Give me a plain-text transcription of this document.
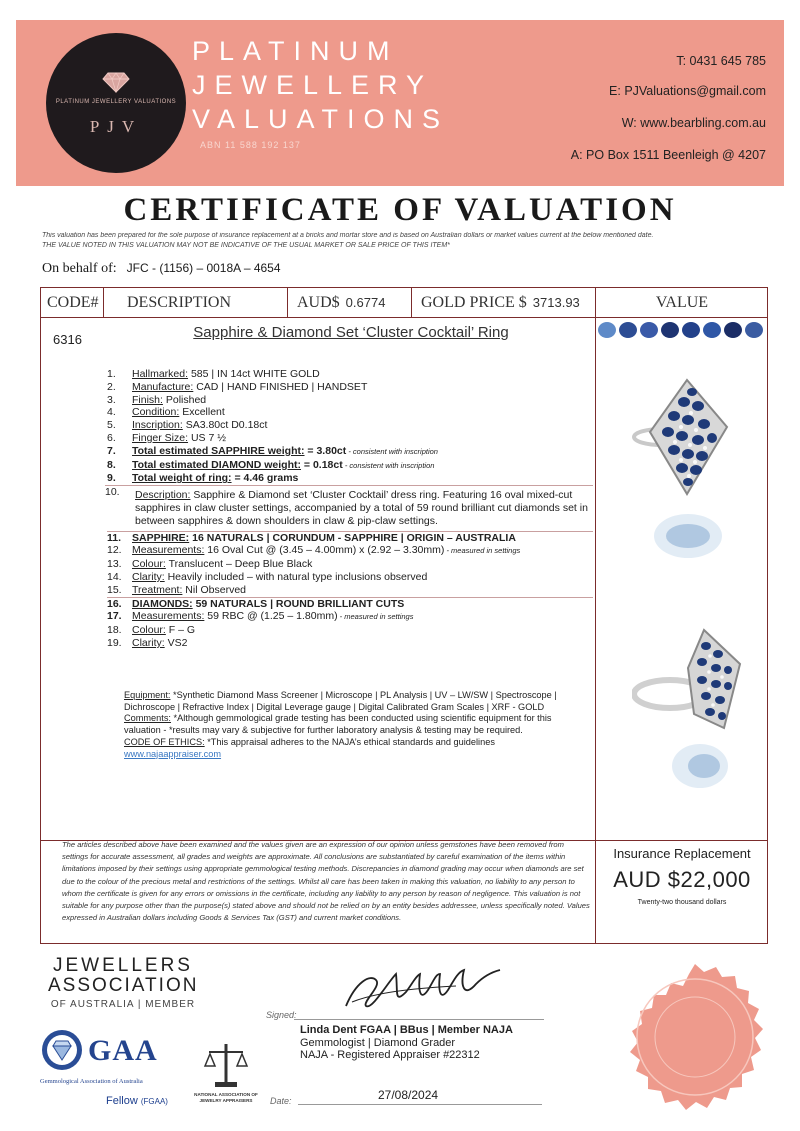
PLATINUM JEWELLERY VALUATIONS
PJV
PLATINUM
JEWELLERY
VALUATIONS
ABN 11 588 192 137
T: 0431 645 785
E: PJValuations@gmail.com
W: www.bearbling.com.au
A: PO Box 1511 Beenleigh @ 4207
CERTIFICATE OF VALUATION
This valuation has been prepared for the sole purpose of insurance replacement at a bricks and mortar store and is based on Australian dollars or market values current at the below mentioned date.
THE VALUE NOTED IN THIS VALUATION MAY NOT BE INDICATIVE OF THE USUAL MARKET OR SALE PRICE OF THIS ITEM*
On behalf of: JFC - (1156) – 0018A – 4654
CODE# DESCRIPTION	AUD$ 0.6774 GOLD PRICE $ 3713.93	VALUE
6316	Sapphire & Diamond Set ‘Cluster Cocktail’ Ring
1. Hallmarked: 585 | IN 14ct WHITE GOLD
2. Manufacture: CAD | HAND FINISHED | HANDSET
3. Finish: Polished
4. Condition: Excellent
5. Inscription: SA3.80ct D0.18ct
6. Finger Size: US 7 ½
7. Total estimated SAPPHIRE weight: = 3.80ct - consistent with inscription
8. Total estimated DIAMOND weight: = 0.18ct - consistent with inscription
9. Total weight of ring: = 4.46 grams
10. Description: Sapphire & Diamond set ‘Cluster Cocktail’ dress ring. Featuring 16 oval mixed-cut sapphires in claw cluster settings, accompanied by a total of 59 round brilliant cut diamonds set in between sapphires & down shoulders in claw & pip-claw settings.
11. SAPPHIRE: 16 NATURALS | CORUNDUM - SAPPHIRE | ORIGIN – AUSTRALIA
12. Measurements: 16 Oval Cut @ (3.45 – 4.00mm) x (2.92 – 3.30mm) - measured in settings
13. Colour: Translucent – Deep Blue Black
14. Clarity: Heavily included – with natural type inclusions observed
15. Treatment: Nil Observed
16. DIAMONDS: 59 NATURALS | ROUND BRILLIANT CUTS
17. Measurements: 59 RBC @ (1.25 – 1.80mm) - measured in settings
18. Colour: F – G
19. Clarity: VS2
Equipment: *Synthetic Diamond Mass Screener | Microscope | PL Analysis | UV – LW/SW | Spectroscope | Dichroscope | Refractive Index | Digital Leverage gauge | Digital Calibrated Gram Scales | XRF - GOLD
Comments: *Although gemmological grade testing has been conducted using scientific equipment for this valuation - *results may vary & subjective for further laboratory analysis & testing may be required.
CODE OF ETHICS: *This appraisal adheres to the NAJA’s ethical standards and guidelines
www.najaappraiser.com
The articles described above have been examined and the values given are an expression of our opinion unless gemstones have been removed from settings for accurate assessment, all grades and weights are approximate. All conclusions are substantiated by careful examination of the items within limitations imposed by their settings using appropriate gemmological testing methods. Discrepancies in diamond grading may occur when diamonds are set due to the colour of the precious metal and restrictions of the settings. Whilst all care has been taken in making this valuation, no liability to any person to whom the certificate is given for any errors or omissions in the certificate, including any liability to any person by reason of negligence. This valuation is not suitable for any purpose other than the purpose(s) stated above and should not be relied on by an entity besides addressee, unless specifically noted. Values expressed in Australian dollars including Goods & Services Tax (GST) and current market conditions.
Insurance Replacement
AUD $22,000
Twenty-two thousand dollars
JEWELLERS
ASSOCIATION
OF AUSTRALIA | MEMBER
GAA
Gemmological Association of Australia
Fellow (FGAA)
NATIONAL ASSOCIATION OF JEWELRY APPRAISERS
Signed:
Linda Dent FGAA | BBus | Member NAJA
Gemmologist | Diamond Grader
NAJA - Registered Appraiser #22312
Date:	27/08/2024
